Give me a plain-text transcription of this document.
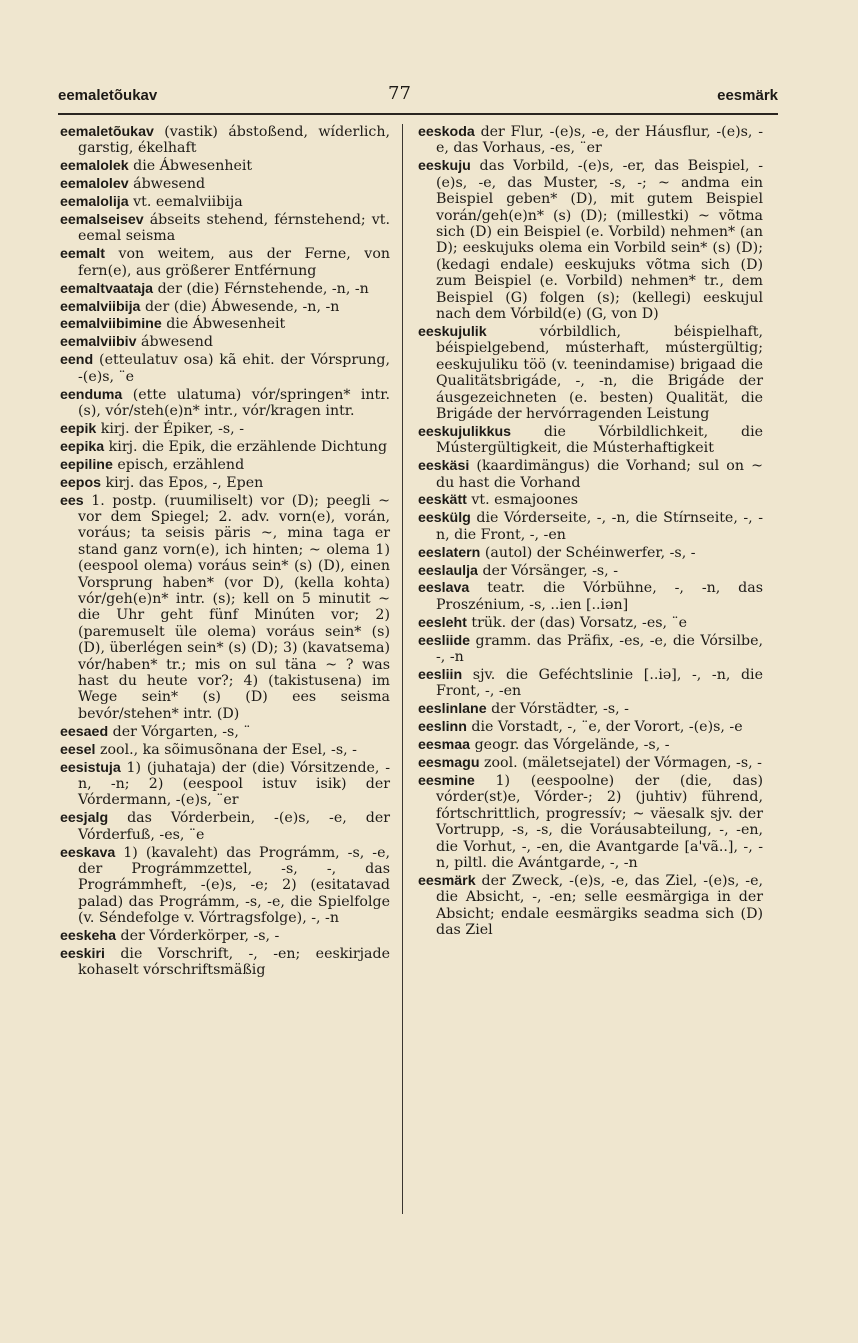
eemaletõukav	77	eesmärk

eemaletõukav (vastik) ábstoßend, wíderlich, garstig, ékelhaft

eemalolek die Ábwesenheit

eemalolev ábwesend

eemalolija vt. eemalviibija

eemalseisev ábseits stehend, férnstehend; vt. eemal seisma

eemalt von weitem, aus der Ferne, von fern(e), aus größerer Entférnung

eemaltvaataja der (die) Férnstehende, -n, -n

eemalviibija der (die) Ábwesende, -n, -n

eemalviibimine die Ábwesenheit

eemalviibiv ábwesend

eend (etteulatuv osa) kã ehit. der Vórsprung, -(e)s, ¨e

eenduma (ette ulatuma) vór/springen* intr. (s), vór/steh(e)n* intr., vór/kragen intr.

eepik kirj. der Épiker, -s, -

eepika kirj. die Epik, die erzählende Dichtung

eepiline episch, erzählend

eepos kirj. das Epos, -, Epen

ees 1. postp. (ruumiliselt) vor (D); peegli ~ vor dem Spiegel; 2. adv. vorn(e), vorán, voráus; ta seisis päris ~, mina taga er stand ganz vorn(e), ich hinten; ~ olema 1) (eespool olema) voráus sein* (s) (D), einen Vorsprung haben* (vor D), (kella kohta) vór/geh(e)n* intr. (s); kell on 5 minutit ~ die Uhr geht fünf Minúten vor; 2) (paremuselt üle olema) voráus sein* (s) (D), überlégen sein* (s) (D); 3) (kavatsema) vór/haben* tr.; mis on sul täna ~ ? was hast du heute vor?; 4) (takistusena) im Wege sein* (s) (D) ees seisma bevór/stehen* intr. (D)

eesaed der Vórgarten, -s, ¨

eesel zool., ka sõimusõnana der Esel, -s, -

eesistuja 1) (juhataja) der (die) Vórsitzende, -n, -n; 2) (eespool istuv isik) der Vórdermann, -(e)s, ¨er

eesjalg das Vórderbein, -(e)s, -e, der Vórderfuß, -es, ¨e

eeskava 1) (kavaleht) das Prográmm, -s, -e, der Prográmmzettel, -s, -, das Prográmmheft, -(e)s, -e; 2) (esitatavad palad) das Prográmm, -s, -e, die Spielfolge (v. Séndefolge v. Vórtragsfolge), -, -n

eeskeha der Vórderkörper, -s, -

eeskiri die Vorschrift, -, -en; eeskirjade kohaselt vórschriftsmäßig

eeskoda der Flur, -(e)s, -e, der Háusflur, -(e)s, -e, das Vorhaus, -es, ¨er

eeskuju das Vorbild, -(e)s, -er, das Beispiel, -(e)s, -e, das Muster, -s, -; ~ andma ein Beispiel geben* (D), mit gutem Beispiel vorán/geh(e)n* (s) (D); (millestki) ~ võtma sich (D) ein Beispiel (e. Vorbild) nehmen* (an D); eeskujuks olema ein Vorbild sein* (s) (D); (kedagi endale) eeskujuks võtma sich (D) zum Beispiel (e. Vorbild) nehmen* tr., dem Beispiel (G) folgen (s); (kellegi) eeskujul nach dem Vórbild(e) (G, von D)

eeskujulik vórbildlich, béispielhaft, béispielgebend, músterhaft, mústergültig; eeskujuliku töö (v. teenindamise) brigaad die Qualitätsbrigáde, -, -n, die Brigáde der áusgezeichneten (e. besten) Qualität, die Brigáde der hervórragenden Leistung

eeskujulikkus die Vórbildlichkeit, die Mústergültigkeit, die Músterhaftigkeit

eeskäsi (kaardimängus) die Vorhand; sul on ~ du hast die Vorhand

eeskätt vt. esmajoones

eeskülg die Vórderseite, -, -n, die Stírnseite, -, -n, die Front, -, -en

eeslatern (autol) der Schéinwerfer, -s, -

eeslaulja der Vórsänger, -s, -

eeslava teatr. die Vórbühne, -, -n, das Proszénium, -s, ..ien [..iən]

eesleht trük. der (das) Vorsatz, -es, ¨e

eesliide gramm. das Präfix, -es, -e, die Vórsilbe, -, -n

eesliin sjv. die Geféchtslinie [..iə], -, -n, die Front, -, -en

eeslinlane der Vórstädter, -s, -

eeslinn die Vorstadt, -, ¨e, der Vorort, -(e)s, -e

eesmaa geogr. das Vórgelände, -s, -

eesmagu zool. (mäletsejatel) der Vórmagen, -s, -

eesmine 1) (eespoolne) der (die, das) vórder(st)e, Vórder-; 2) (juhtiv) führend, fórtschrittlich, progressív; ~ väesalk sjv. der Vortrupp, -s, -s, die Voráusabteilung, -, -en, die Vorhut, -, -en, die Avantgarde [a'vã..], -, -n, piltl. die Avántgarde, -, -n

eesmärk der Zweck, -(e)s, -e, das Ziel, -(e)s, -e, die Absicht, -, -en; selle eesmärgiga in der Absicht; endale eesmärgiks seadma sich (D) das Ziel
